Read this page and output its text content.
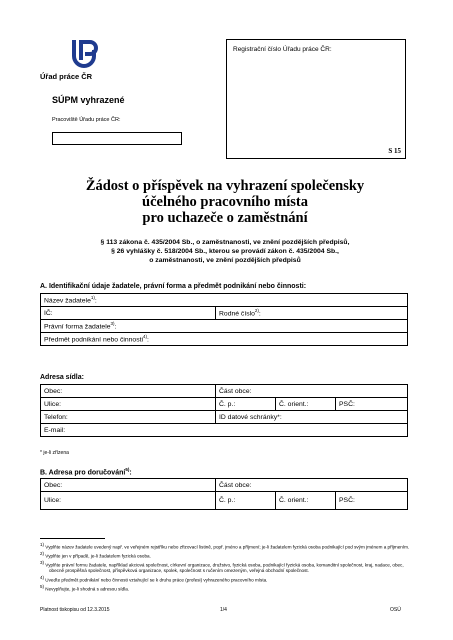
Úřad práce ČR
SÚPM vyhrazené
Pracoviště Úřadu práce ČR:
Registrační číslo Úřadu práce ČR:
S 15
Žádost o příspěvek na vyhrazení společensky
účelného pracovního místa
pro uchazeče o zaměstnání
§ 113 zákona č. 435/2004 Sb., o zaměstnanosti, ve znění pozdějších předpisů,
§ 26 vyhlášky č. 518/2004 Sb., kterou se provádí zákon č. 435/2004 Sb.,
o zaměstnanosti, ve znění pozdějších předpisů
A. Identifikační údaje žadatele, právní forma a předmět podnikání nebo činnosti:
Název žadatele$^{1)}$:
IČ:	Rodné číslo$^{2)}$:
Právní forma žadatele$^{3)}$:
Předmět podnikání nebo činnosti$^{4)}$:
Adresa sídla:
Obec:	Část obce:		
Ulice:	Č. p.:	Č. orient.:	PSČ:
Telefon:	ID datové schránky*:		
E-mail:			
* je-li zřízena
B. Adresa pro doručování$^{5)}$:
Obec:	Část obce:		
Ulice:	Č. p.:	Č. orient.:	PSČ:
$^{1)}$ Vyplňte název žadatele uvedený např. ve veřejném rejstříku nebo zřizovací listině, popř. jméno a příjmení; je-li žadatelem fyzická osoba podnikající pod svým jménem a příjmením.
$^{2)}$ Vyplňte jen v případě, je-li žadatelem fyzická osoba.
$^{3)}$ Vyplňte právní formu žadatele, například akciová společnost, církevní organizace, družstvo, fyzická osoba, podnikající fyzická osoba, komanditní společnost, kraj, nadace, obec, obecně prospěšná společnost, příspěvková organizace, spolek, společnost s ručením omezeným, veřejná obchodní společnost.
$^{4)}$ Uveďte předmět podnikání nebo činnosti vztahující se k druhu práce (profesi) vyhrazeného pracovního místa.
$^{5)}$ Nevyplňujte, je-li shodná s adresou sídla.
Platnost tiskopisu od 12.3.2015	1/4	OSÚ
